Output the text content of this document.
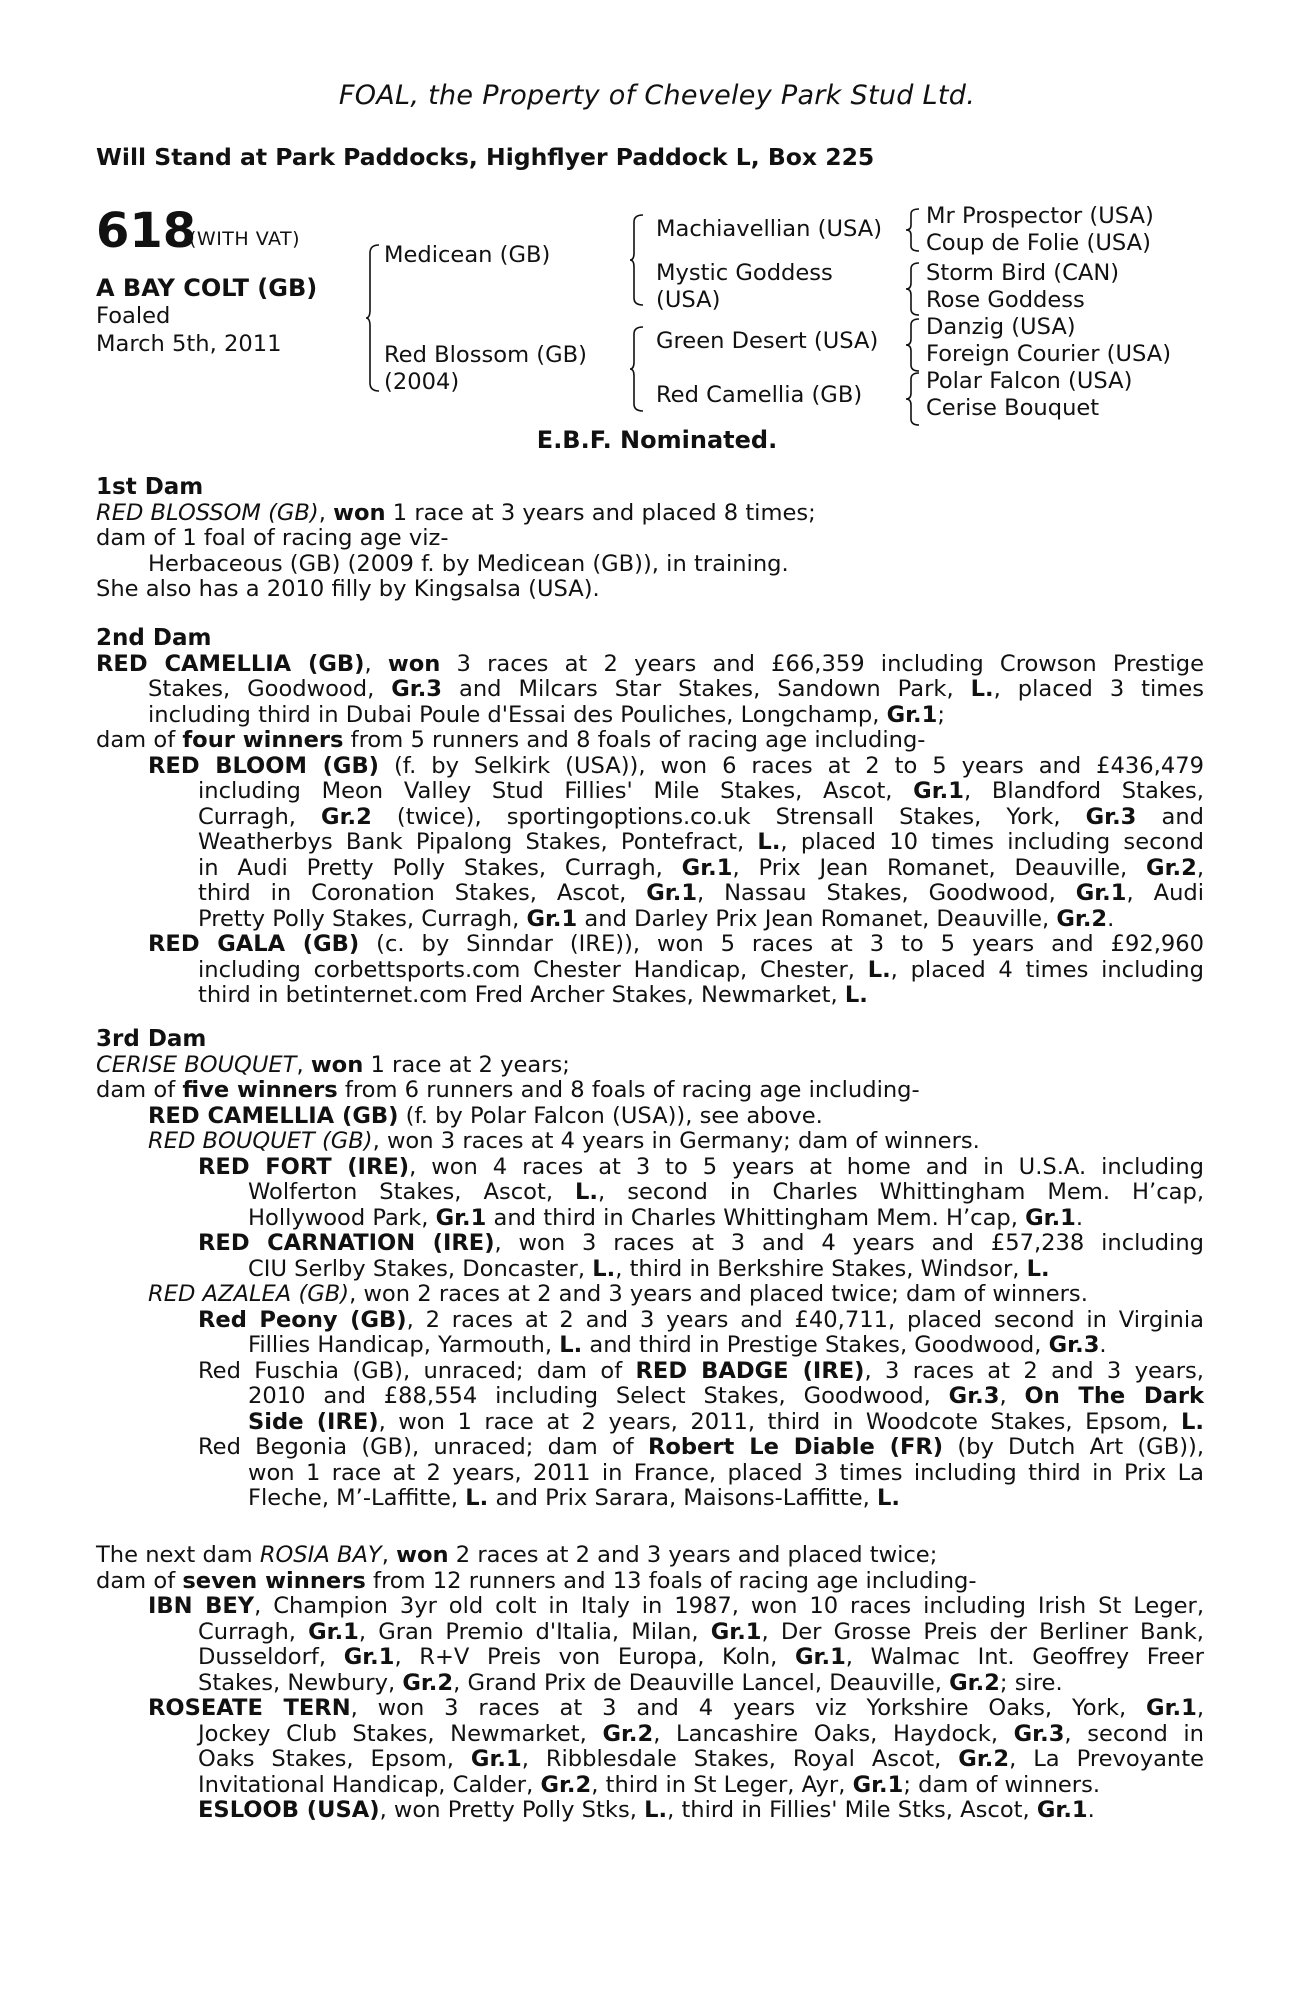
FOAL, the Property of Cheveley Park Stud Ltd.
Will Stand at Park Paddocks, Highflyer Paddock L, Box 225
618
(WITH VAT)
A BAY COLT (GB)
Foaled
March 5th, 2011
Medicean (GB)
Red Blossom (GB)
(2004)
Machiavellian (USA)
Mystic Goddess
(USA)
Green Desert (USA)
Red Camellia (GB)
Mr Prospector (USA)
Coup de Folie (USA)
Storm Bird (CAN)
Rose Goddess
Danzig (USA)
Foreign Courier (USA)
Polar Falcon (USA)
Cerise Bouquet
E.B.F. Nominated.
1st Dam
RED BLOSSOM (GB), won 1 race at 3 years and placed 8 times;
dam of 1 foal of racing age viz-
Herbaceous (GB) (2009 f. by Medicean (GB)), in training.
She also has a 2010 filly by Kingsalsa (USA).
2nd Dam
RED CAMELLIA (GB), won 3 races at 2 years and £66,359 including Crowson Prestige
Stakes, Goodwood, Gr.3 and Milcars Star Stakes, Sandown Park, L., placed 3 times
including third in Dubai Poule d'Essai des Pouliches, Longchamp, Gr.1;
dam of four winners from 5 runners and 8 foals of racing age including-
RED BLOOM (GB) (f. by Selkirk (USA)), won 6 races at 2 to 5 years and £436,479
including Meon Valley Stud Fillies' Mile Stakes, Ascot, Gr.1, Blandford Stakes,
Curragh, Gr.2 (twice), sportingoptions.co.uk Strensall Stakes, York, Gr.3 and
Weatherbys Bank Pipalong Stakes, Pontefract, L., placed 10 times including second
in Audi Pretty Polly Stakes, Curragh, Gr.1, Prix Jean Romanet, Deauville, Gr.2,
third in Coronation Stakes, Ascot, Gr.1, Nassau Stakes, Goodwood, Gr.1, Audi
Pretty Polly Stakes, Curragh, Gr.1 and Darley Prix Jean Romanet, Deauville, Gr.2.
RED GALA (GB) (c. by Sinndar (IRE)), won 5 races at 3 to 5 years and £92,960
including corbettsports.com Chester Handicap, Chester, L., placed 4 times including
third in betinternet.com Fred Archer Stakes, Newmarket, L.
3rd Dam
CERISE BOUQUET, won 1 race at 2 years;
dam of five winners from 6 runners and 8 foals of racing age including-
RED CAMELLIA (GB) (f. by Polar Falcon (USA)), see above.
RED BOUQUET (GB), won 3 races at 4 years in Germany; dam of winners.
RED FORT (IRE), won 4 races at 3 to 5 years at home and in U.S.A. including
Wolferton Stakes, Ascot, L., second in Charles Whittingham Mem. H’cap,
Hollywood Park, Gr.1 and third in Charles Whittingham Mem. H’cap, Gr.1.
RED CARNATION (IRE), won 3 races at 3 and 4 years and £57,238 including
CIU Serlby Stakes, Doncaster, L., third in Berkshire Stakes, Windsor, L.
RED AZALEA (GB), won 2 races at 2 and 3 years and placed twice; dam of winners.
Red Peony (GB), 2 races at 2 and 3 years and £40,711, placed second in Virginia
Fillies Handicap, Yarmouth, L. and third in Prestige Stakes, Goodwood, Gr.3.
Red Fuschia (GB), unraced; dam of RED BADGE (IRE), 3 races at 2 and 3 years,
2010 and £88,554 including Select Stakes, Goodwood, Gr.3, On The Dark
Side (IRE), won 1 race at 2 years, 2011, third in Woodcote Stakes, Epsom, L.
Red Begonia (GB), unraced; dam of Robert Le Diable (FR) (by Dutch Art (GB)),
won 1 race at 2 years, 2011 in France, placed 3 times including third in Prix La
Fleche, M’-Laffitte, L. and Prix Sarara, Maisons-Laffitte, L.
The next dam ROSIA BAY, won 2 races at 2 and 3 years and placed twice;
dam of seven winners from 12 runners and 13 foals of racing age including-
IBN BEY, Champion 3yr old colt in Italy in 1987, won 10 races including Irish St Leger,
Curragh, Gr.1, Gran Premio d'Italia, Milan, Gr.1, Der Grosse Preis der Berliner Bank,
Dusseldorf, Gr.1, R+V Preis von Europa, Koln, Gr.1, Walmac Int. Geoffrey Freer
Stakes, Newbury, Gr.2, Grand Prix de Deauville Lancel, Deauville, Gr.2; sire.
ROSEATE TERN, won 3 races at 3 and 4 years viz Yorkshire Oaks, York, Gr.1,
Jockey Club Stakes, Newmarket, Gr.2, Lancashire Oaks, Haydock, Gr.3, second in
Oaks Stakes, Epsom, Gr.1, Ribblesdale Stakes, Royal Ascot, Gr.2, La Prevoyante
Invitational Handicap, Calder, Gr.2, third in St Leger, Ayr, Gr.1; dam of winners.
ESLOOB (USA), won Pretty Polly Stks, L., third in Fillies' Mile Stks, Ascot, Gr.1.
